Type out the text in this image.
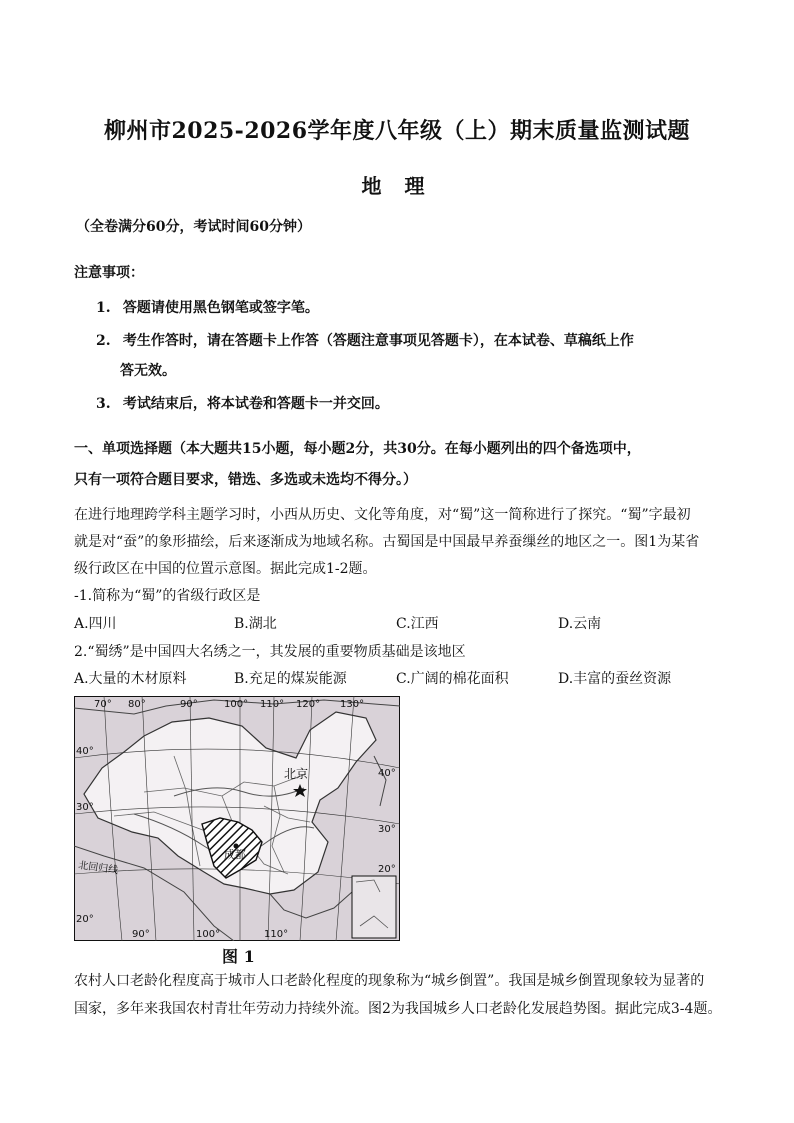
柳州市2025-2026学年度八年级（上）期末质量监测试题
地 理
（全卷满分60分，考试时间60分钟）
注意事项：
1. 答题请使用黑色钢笔或签字笔。
2. 考生作答时，请在答题卡上作答（答题注意事项见答题卡），在本试卷、草稿纸上作
答无效。
3. 考试结束后，将本试卷和答题卡一并交回。
一、单项选择题（本大题共15小题，每小题2分，共30分。在每小题列出的四个备选项中，
只有一项符合题目要求，错选、多选或未选均不得分。）
在进行地理跨学科主题学习时，小西从历史、文化等角度，对“蜀”这一简称进行了探究。“蜀”字最初
就是对“蚕”的象形描绘，后来逐渐成为地域名称。古蜀国是中国最早养蚕缫丝的地区之一。图1为某省
级行政区在中国的位置示意图。据此完成1-2题。
-1.简称为“蜀”的省级行政区是
A.四川	B.湖北	C.江西	D.云南
2.“蜀绣”是中国四大名绣之一，其发展的重要物质基础是该地区
A.大量的木材原料	B.充足的煤炭能源	C.广阔的棉花面积	D.丰富的蚕丝资源
成都
北京
北回归线
70° 80°	90°	100° 110° 120° 130°
90°	100°	110°
40°
30°
20°
40°
30°
20°
图 1
农村人口老龄化程度高于城市人口老龄化程度的现象称为“城乡倒置”。我国是城乡倒置现象较为显著的
国家，多年来我国农村青壮年劳动力持续外流。图2为我国城乡人口老龄化发展趋势图。据此完成3-4题。
